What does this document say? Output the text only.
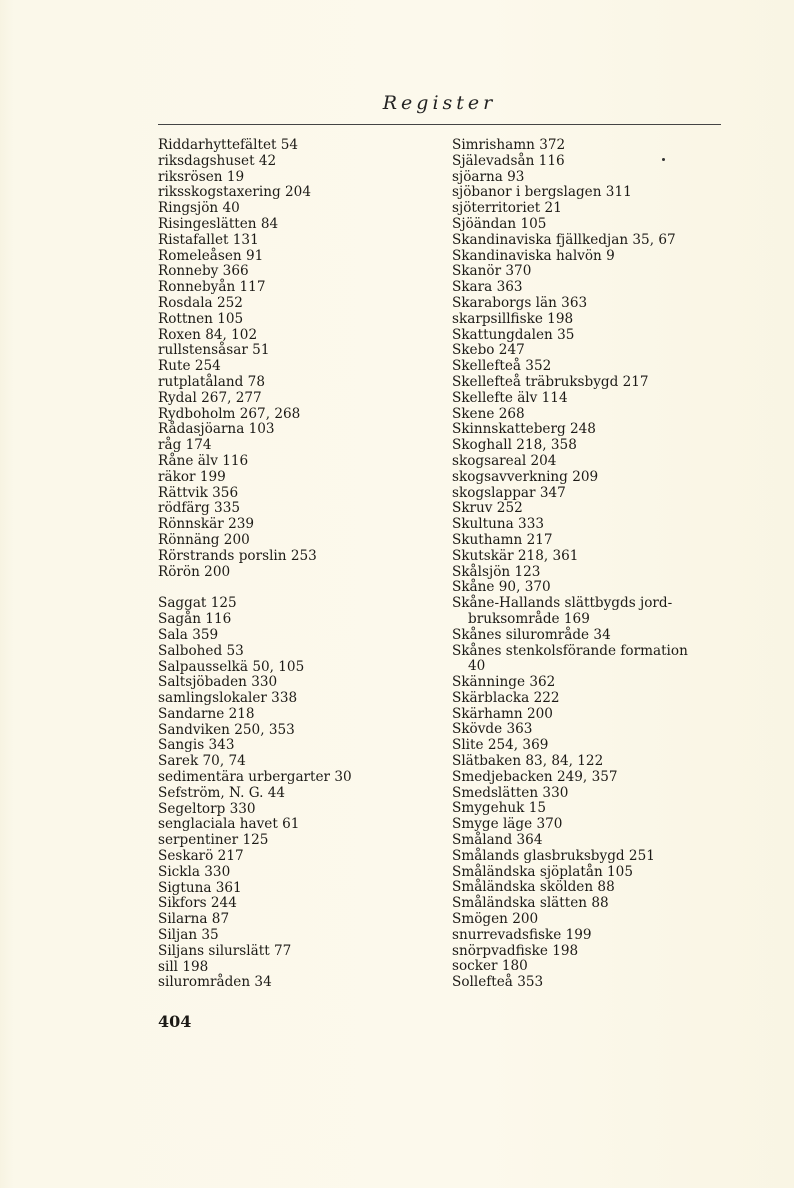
Register
Riddarhyttefältet 54
riksdagshuset 42
riksrösen 19
riksskogstaxering 204
Ringsjön 40
Risingeslätten 84
Ristafallet 131
Romeleåsen 91
Ronneby 366
Ronnebyån 117
Rosdala 252
Rottnen 105
Roxen 84, 102
rullstensåsar 51
Rute 254
rutplatåland 78
Rydal 267, 277
Rydboholm 267, 268
Rådasjöarna 103
råg 174
Råne älv 116
räkor 199
Rättvik 356
rödfärg 335
Rönnskär 239
Rönnäng 200
Rörstrands porslin 253
Rörön 200
Saggat 125
Sagån 116
Sala 359
Salbohed 53
Salpausselkä 50, 105
Saltsjöbaden 330
samlingslokaler 338
Sandarne 218
Sandviken 250, 353
Sangis 343
Sarek 70, 74
sedimentära urbergarter 30
Sefström, N. G. 44
Segeltorp 330
senglaciala havet 61
serpentiner 125
Seskarö 217
Sickla 330
Sigtuna 361
Sikfors 244
Silarna 87
Siljan 35
Siljans silurslätt 77
sill 198
silurområden 34
Simrishamn 372
Själevadsån 116
sjöarna 93
sjöbanor i bergslagen 311
sjöterritoriet 21
Sjöändan 105
Skandinaviska fjällkedjan 35, 67
Skandinaviska halvön 9
Skanör 370
Skara 363
Skaraborgs län 363
skarpsillfiske 198
Skattungdalen 35
Skebo 247
Skellefteå 352
Skellefteå träbruksbygd 217
Skellefte älv 114
Skene 268
Skinnskatteberg 248
Skoghall 218, 358
skogsareal 204
skogsavverkning 209
skogslappar 347
Skruv 252
Skultuna 333
Skuthamn 217
Skutskär 218, 361
Skålsjön 123
Skåne 90, 370
Skåne-Hallands slättbygds jord-
bruksområde 169
Skånes silurområde 34
Skånes stenkolsförande formation
40
Skänninge 362
Skärblacka 222
Skärhamn 200
Skövde 363
Slite 254, 369
Slätbaken 83, 84, 122
Smedjebacken 249, 357
Smedslätten 330
Smygehuk 15
Smyge läge 370
Småland 364
Smålands glasbruksbygd 251
Småländska sjöplatån 105
Småländska skölden 88
Småländska slätten 88
Smögen 200
snurrevadsfiske 199
snörpvadfiske 198
socker 180
Sollefteå 353
404
